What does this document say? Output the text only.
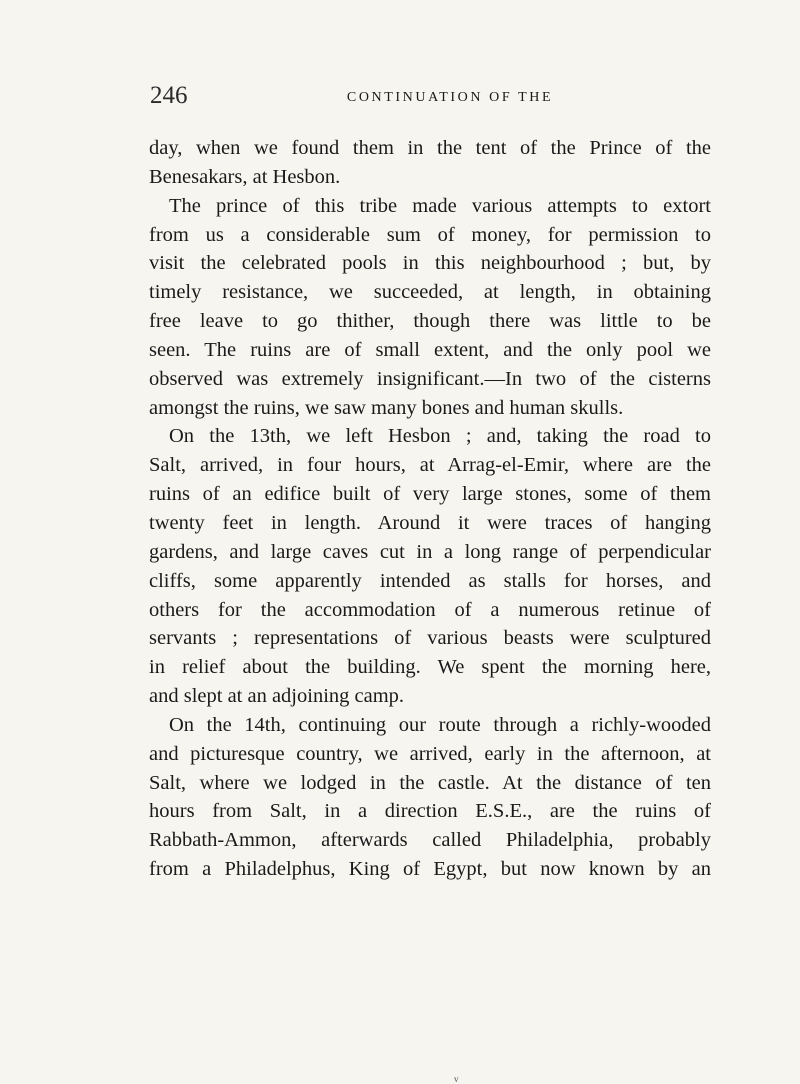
246	CONTINUATION OF THE
day, when we found them in the tent of the Prince of the
Benesakars, at Hesbon.
The prince of this tribe made various attempts to extort
from us a considerable sum of money, for permission to
visit the celebrated pools in this neighbourhood ; but, by
timely resistance, we succeeded, at length, in obtaining
free leave to go thither, though there was little to be
seen. The ruins are of small extent, and the only pool we
observed was extremely insignificant.—In two of the cisterns
amongst the ruins, we saw many bones and human skulls.
On the 13th, we left Hesbon ; and, taking the road to
Salt, arrived, in four hours, at Arrag-el-Emir, where are the
ruins of an edifice built of very large stones, some of them
twenty feet in length. Around it were traces of hanging
gardens, and large caves cut in a long range of perpendicular
cliffs, some apparently intended as stalls for horses, and
others for the accommodation of a numerous retinue of
servants ; representations of various beasts were sculptured
in relief about the building. We spent the morning here,
and slept at an adjoining camp.
On the 14th, continuing our route through a richly-wooded
and picturesque country, we arrived, early in the afternoon, at
Salt, where we lodged in the castle. At the distance of ten
hours from Salt, in a direction E.S.E., are the ruins of
Rabbath-Ammon, afterwards called Philadelphia, probably
from a Philadelphus, King of Egypt, but now known by an
v
